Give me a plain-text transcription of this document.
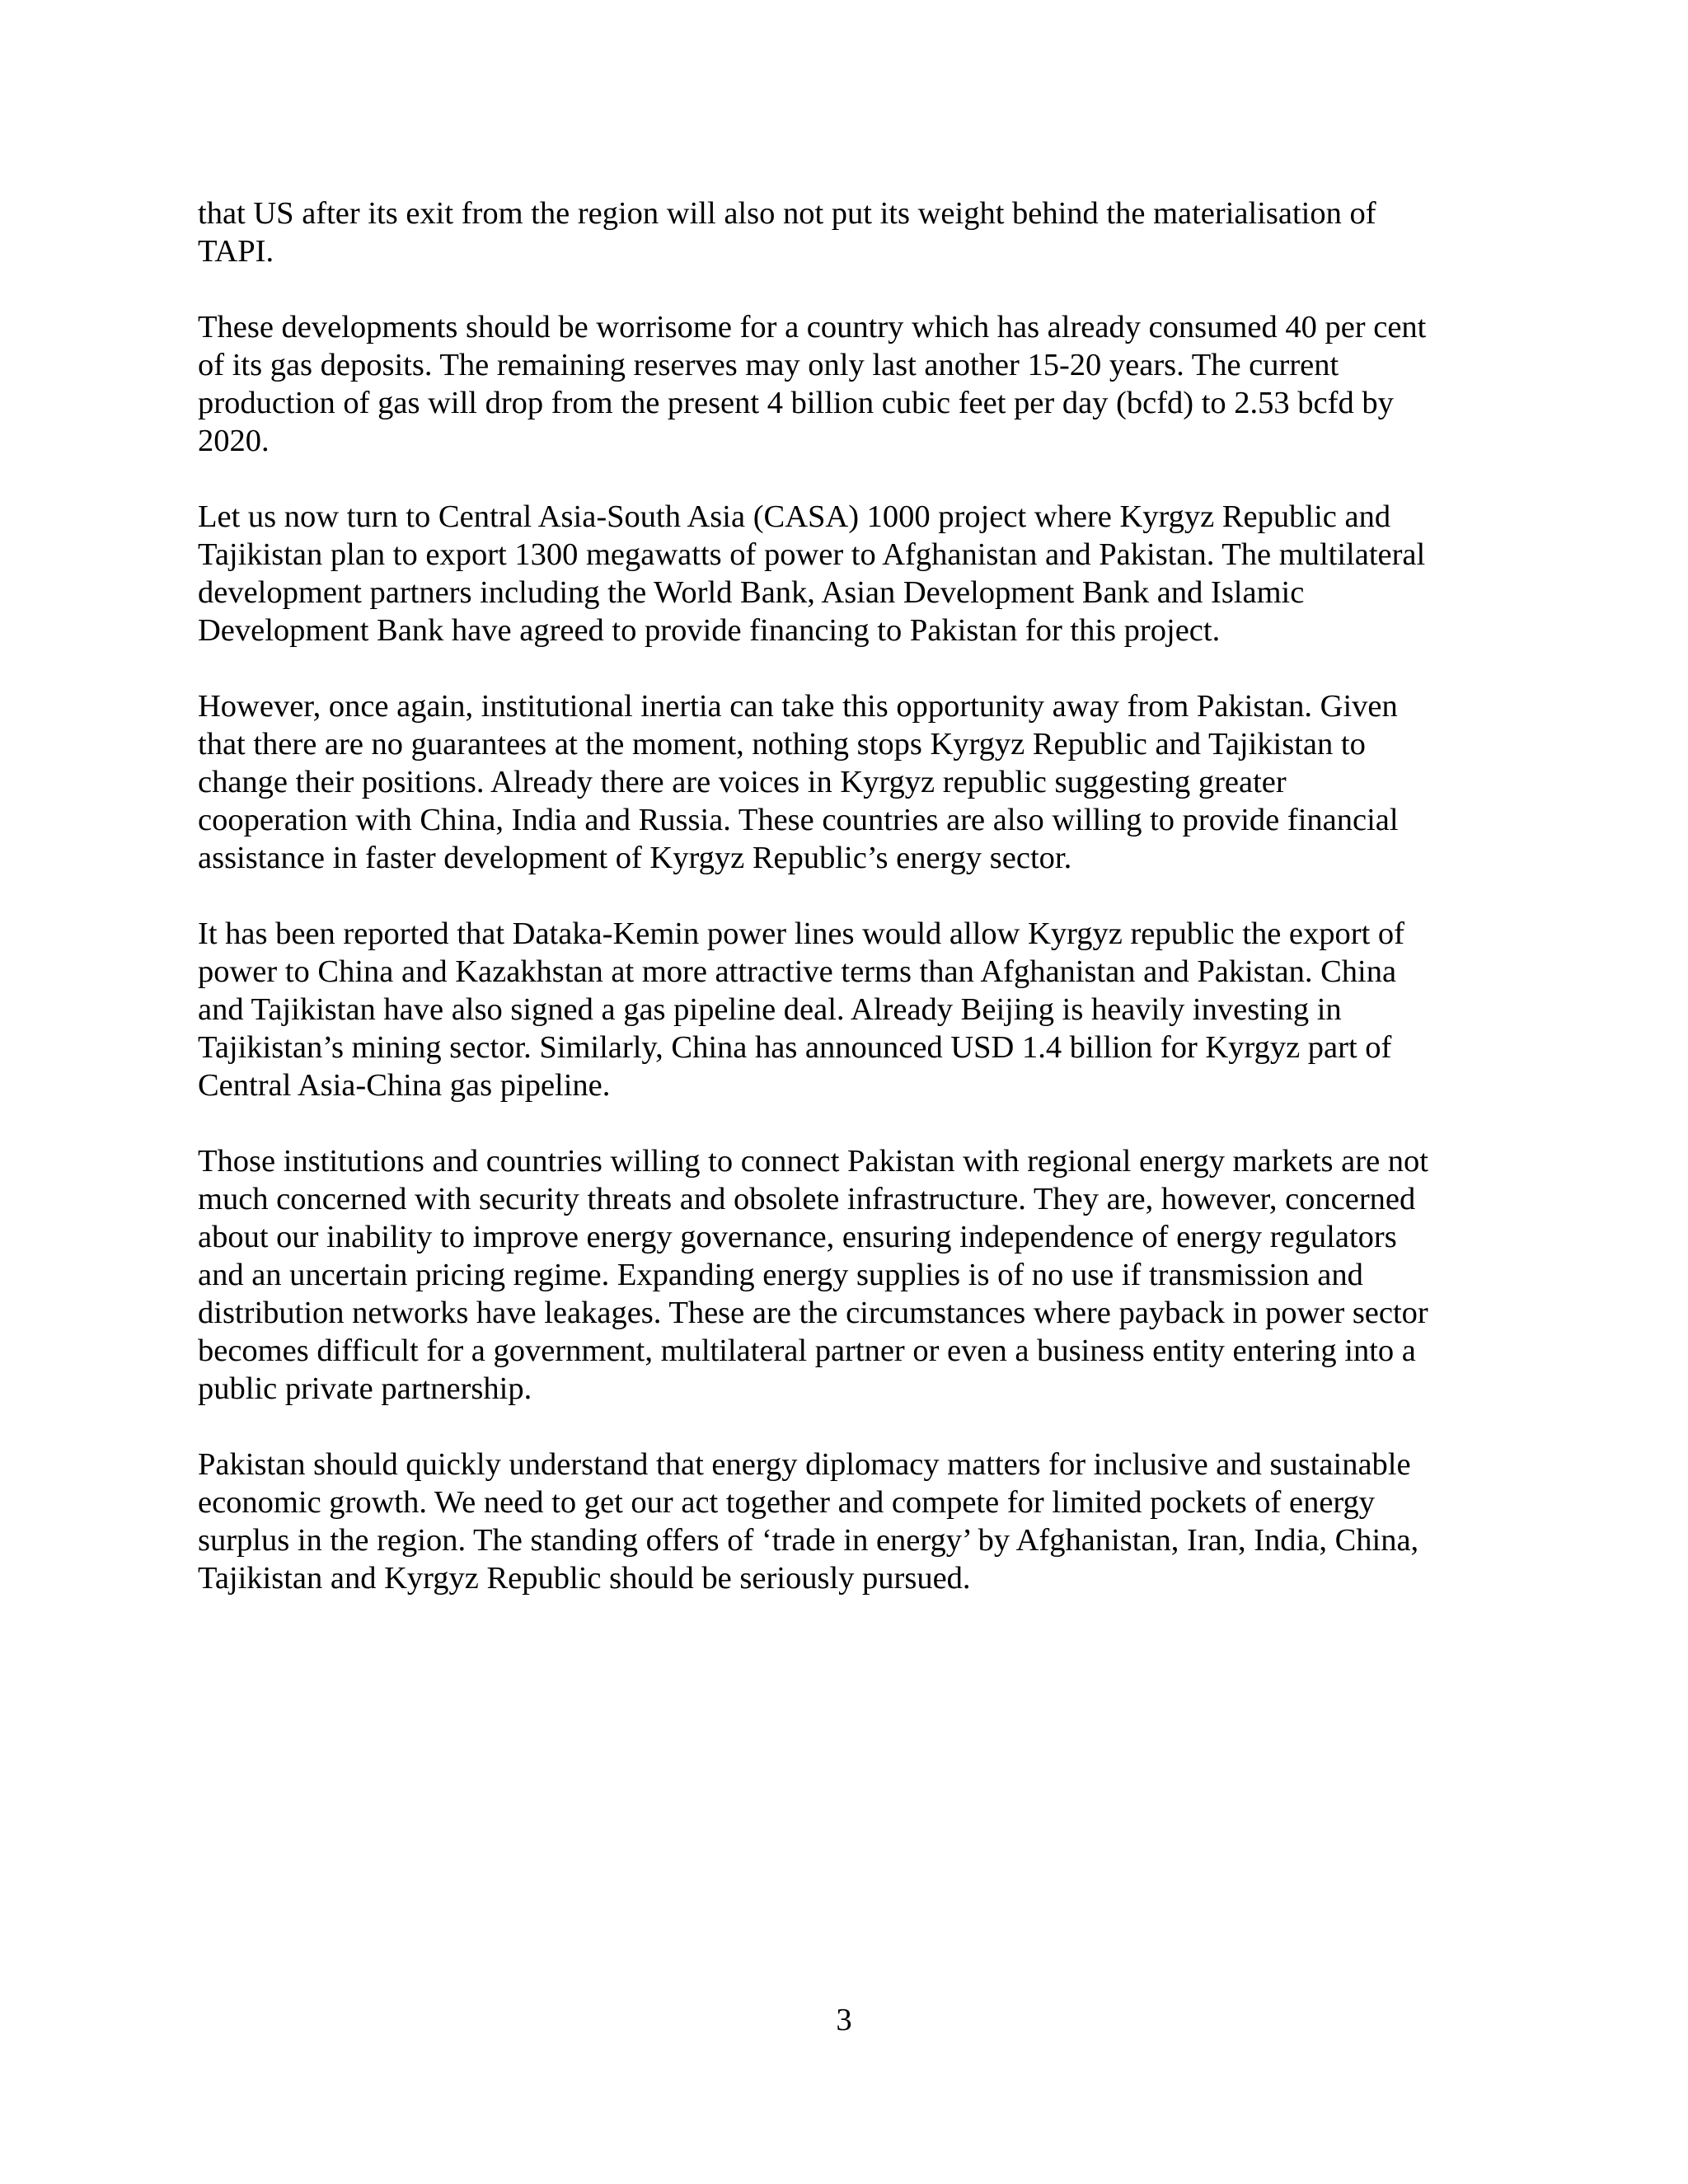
that US after its exit from the region will also not put its weight behind the materialisation of
TAPI.

These developments should be worrisome for a country which has already consumed 40 per cent
of its gas deposits. The remaining reserves may only last another 15-20 years. The current
production of gas will drop from the present 4 billion cubic feet per day (bcfd) to 2.53 bcfd by
2020.

Let us now turn to Central Asia-South Asia (CASA) 1000 project where Kyrgyz Republic and
Tajikistan plan to export 1300 megawatts of power to Afghanistan and Pakistan. The multilateral
development partners including the World Bank, Asian Development Bank and Islamic
Development Bank have agreed to provide financing to Pakistan for this project.

However, once again, institutional inertia can take this opportunity away from Pakistan. Given
that there are no guarantees at the moment, nothing stops Kyrgyz Republic and Tajikistan to
change their positions. Already there are voices in Kyrgyz republic suggesting greater
cooperation with China, India and Russia. These countries are also willing to provide financial
assistance in faster development of Kyrgyz Republic’s energy sector.

It has been reported that Dataka-Kemin power lines would allow Kyrgyz republic the export of
power to China and Kazakhstan at more attractive terms than Afghanistan and Pakistan. China
and Tajikistan have also signed a gas pipeline deal. Already Beijing is heavily investing in
Tajikistan’s mining sector. Similarly, China has announced USD 1.4 billion for Kyrgyz part of
Central Asia-China gas pipeline.

Those institutions and countries willing to connect Pakistan with regional energy markets are not
much concerned with security threats and obsolete infrastructure. They are, however, concerned
about our inability to improve energy governance, ensuring independence of energy regulators
and an uncertain pricing regime. Expanding energy supplies is of no use if transmission and
distribution networks have leakages. These are the circumstances where payback in power sector
becomes difficult for a government, multilateral partner or even a business entity entering into a
public private partnership.

Pakistan should quickly understand that energy diplomacy matters for inclusive and sustainable
economic growth. We need to get our act together and compete for limited pockets of energy
surplus in the region. The standing offers of ‘trade in energy’ by Afghanistan, Iran, India, China,
Tajikistan and Kyrgyz Republic should be seriously pursued.

3
